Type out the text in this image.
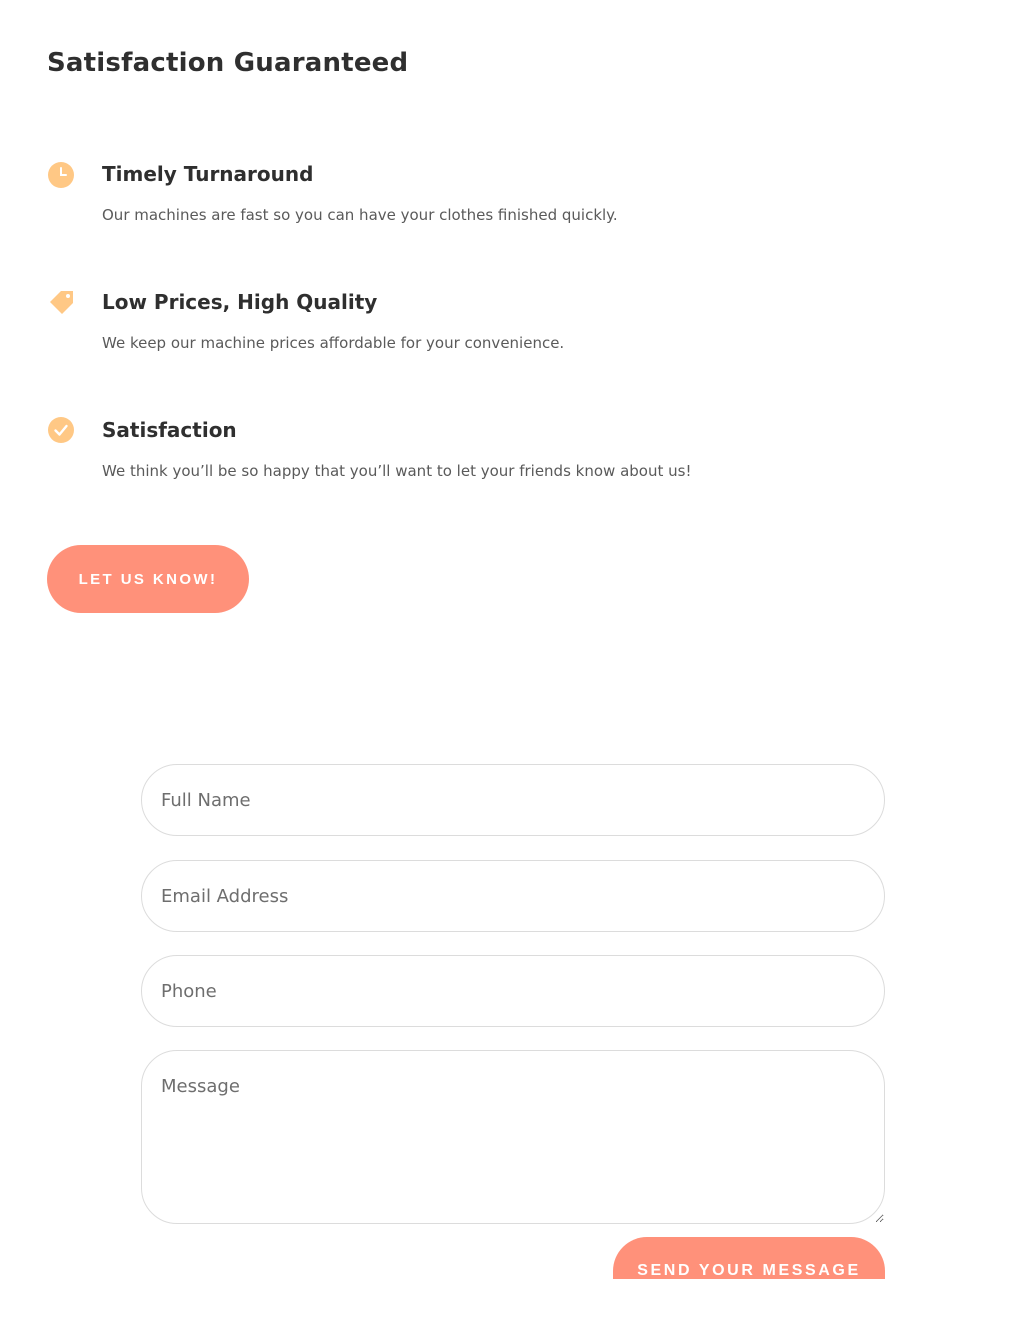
Satisfaction Guaranteed
Timely Turnaround

Our machines are fast so you can have your clothes finished quickly.

Low Prices, High Quality

We keep our machine prices affordable for your convenience.

Satisfaction

We think you’ll be so happy that you’ll want to let your friends know about us!

LET US KNOW!
Full Name
Email Address
Phone
Message
SEND YOUR MESSAGE
